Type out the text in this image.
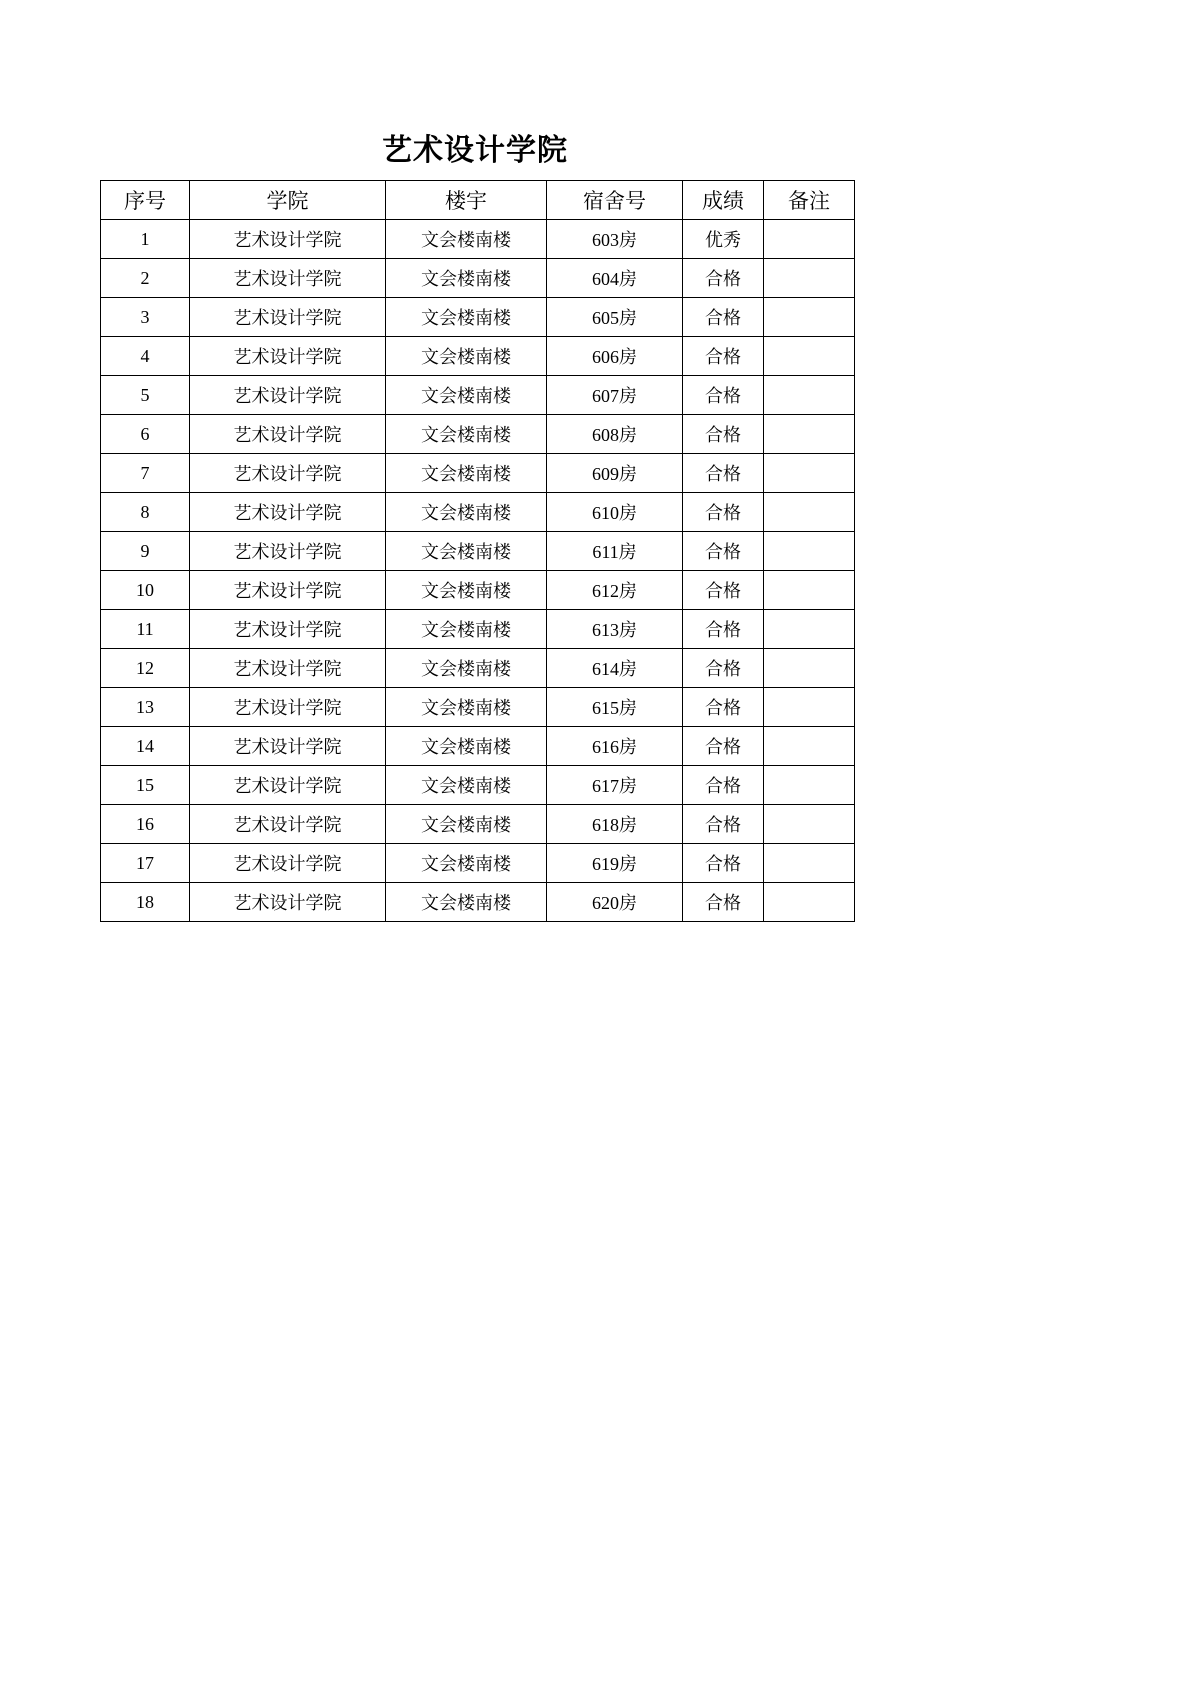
艺术设计学院
序号	学院	楼宇	宿舍号	成绩	备注
1	艺术设计学院	文会楼南楼	603房	优秀	
2	艺术设计学院	文会楼南楼	604房	合格	
3	艺术设计学院	文会楼南楼	605房	合格	
4	艺术设计学院	文会楼南楼	606房	合格	
5	艺术设计学院	文会楼南楼	607房	合格	
6	艺术设计学院	文会楼南楼	608房	合格	
7	艺术设计学院	文会楼南楼	609房	合格	
8	艺术设计学院	文会楼南楼	610房	合格	
9	艺术设计学院	文会楼南楼	611房	合格	
10	艺术设计学院	文会楼南楼	612房	合格	
11	艺术设计学院	文会楼南楼	613房	合格	
12	艺术设计学院	文会楼南楼	614房	合格	
13	艺术设计学院	文会楼南楼	615房	合格	
14	艺术设计学院	文会楼南楼	616房	合格	
15	艺术设计学院	文会楼南楼	617房	合格	
16	艺术设计学院	文会楼南楼	618房	合格	
17	艺术设计学院	文会楼南楼	619房	合格	
18	艺术设计学院	文会楼南楼	620房	合格	
